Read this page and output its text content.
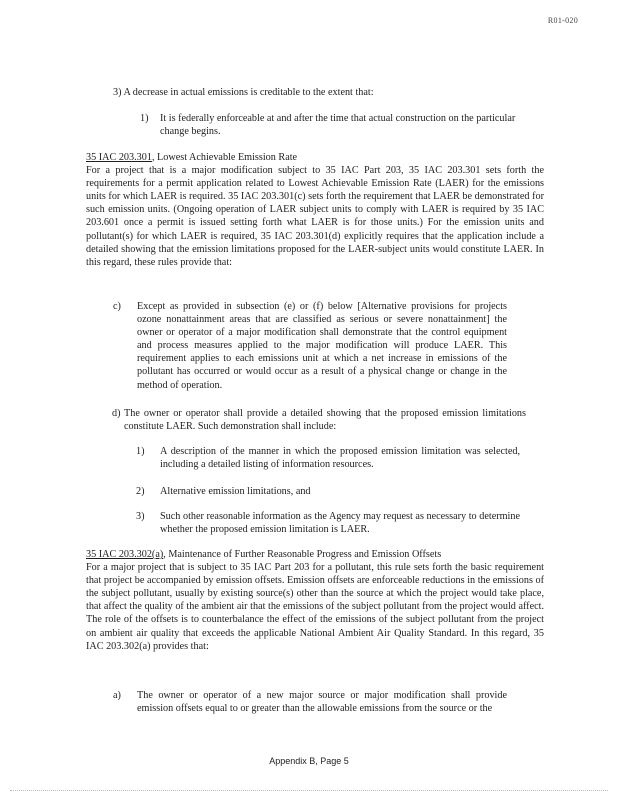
R01-020
3) A decrease in actual emissions is creditable to the extent that:
1) It is federally enforceable at and after the time that actual construction on the particular change begins.
35 IAC 203.301, Lowest Achievable Emission Rate
For a project that is a major modification subject to 35 IAC Part 203, 35 IAC 203.301 sets forth the requirements for a permit application related to Lowest Achievable Emission Rate (LAER) for the emissions units for which LAER is required. 35 IAC 203.301(c) sets forth the requirement that LAER be demonstrated for such emission units. (Ongoing operation of LAER subject units to comply with LAER is required by 35 IAC 203.601 once a permit is issued setting forth what LAER is for those units.) For the emission units and pollutant(s) for which LAER is required, 35 IAC 203.301(d) explicitly requires that the application include a detailed showing that the emission limitations proposed for the LAER-subject units would constitute LAER. In this regard, these rules provide that:
c) Except as provided in subsection (e) or (f) below [Alternative provisions for projects ozone nonattainment areas that are classified as serious or severe nonattainment] the owner or operator of a major modification shall demonstrate that the control equipment and process measures applied to the major modification will produce LAER. This requirement applies to each emissions unit at which a net increase in emissions of the pollutant has occurred or would occur as a result of a physical change or change in the method of operation.
d) The owner or operator shall provide a detailed showing that the proposed emission limitations constitute LAER. Such demonstration shall include:
1) A description of the manner in which the proposed emission limitation was selected, including a detailed listing of information resources.
2) Alternative emission limitations, and
3) Such other reasonable information as the Agency may request as necessary to determine whether the proposed emission limitation is LAER.
35 IAC 203.302(a), Maintenance of Further Reasonable Progress and Emission Offsets
For a major project that is subject to 35 IAC Part 203 for a pollutant, this rule sets forth the basic requirement that project be accompanied by emission offsets. Emission offsets are enforceable reductions in the emissions of the subject pollutant, usually by existing source(s) other than the source at which the project would take place, that affect the quality of the ambient air that the emissions of the subject pollutant from the project would affect. The role of the offsets is to counterbalance the effect of the emissions of the subject pollutant from the project on ambient air quality that exceeds the applicable National Ambient Air Quality Standard. In this regard, 35 IAC 203.302(a) provides that:
a) The owner or operator of a new major source or major modification shall provide emission offsets equal to or greater than the allowable emissions from the source or the
Appendix B, Page 5
